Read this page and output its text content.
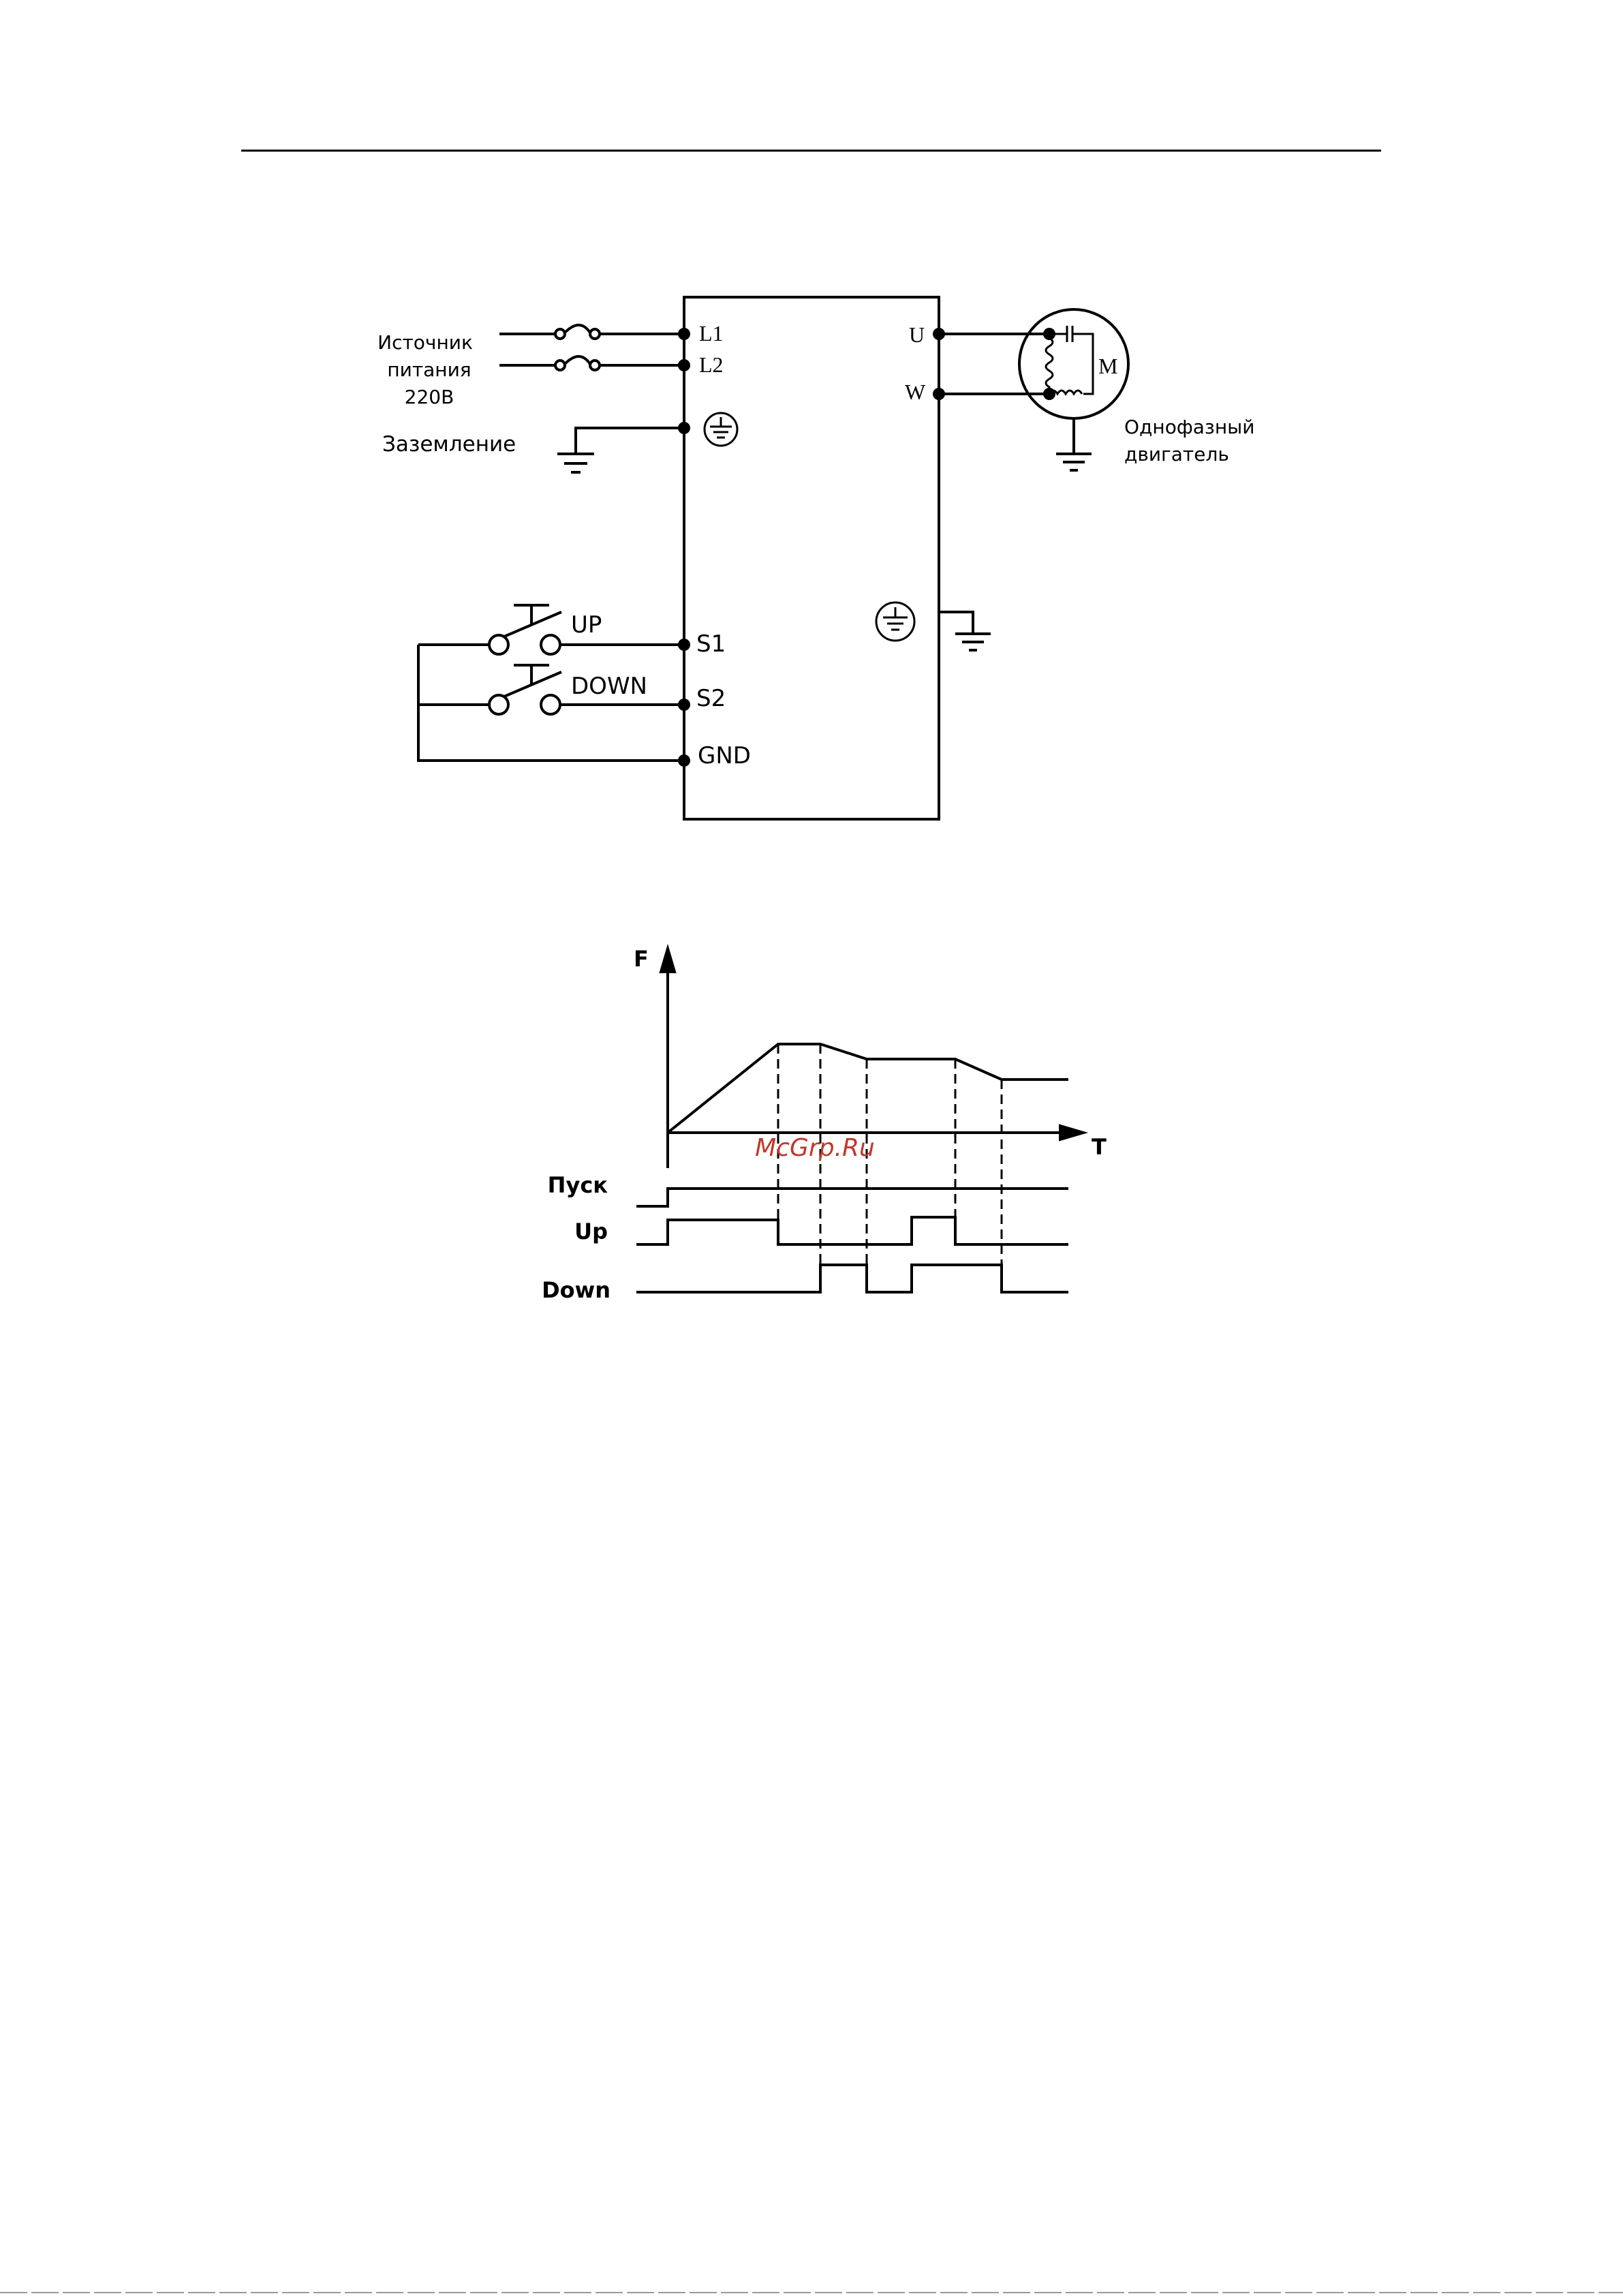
Источник
питания
220В
Заземление
Однофазный
двигатель
M
L1
L2
U
W
S1
S2
GND
UP
DOWN
F
T
Пуск
Up
Down
McGrp.Ru
